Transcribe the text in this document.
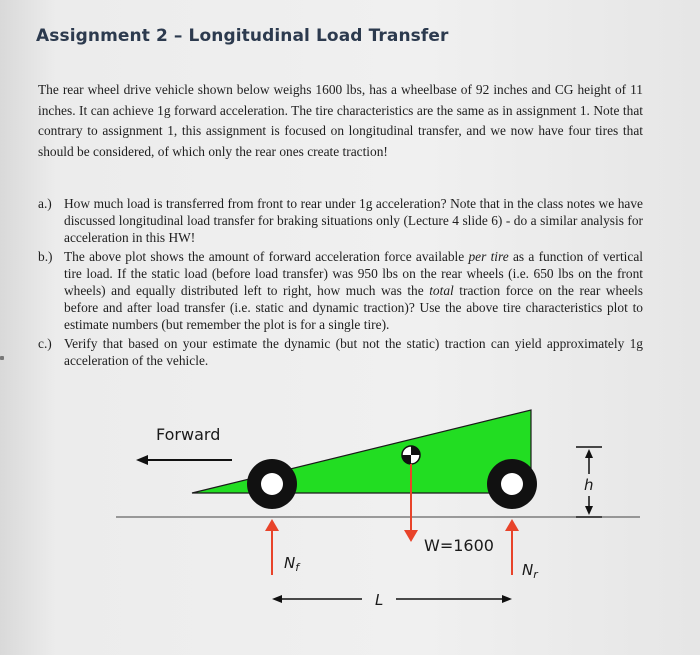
Assignment 2 – Longitudinal Load Transfer

The rear wheel drive vehicle shown below weighs 1600 lbs, has a wheelbase of 92 inches and CG height of 11 inches. It can achieve 1g forward acceleration. The tire characteristics are the same as in assignment 1. Note that contrary to assignment 1, this assignment is focused on longitudinal transfer, and we now have four tires that should be considered, of which only the rear ones create traction!

a.) How much load is transferred from front to rear under 1g acceleration? Note that in the class notes we have discussed longitudinal load transfer for braking situations only (Lecture 4 slide 6) - do a similar analysis for acceleration in this HW!
b.) The above plot shows the amount of forward acceleration force available per tire as a function of vertical tire load. If the static load (before load transfer) was 950 lbs on the rear wheels (i.e. 650 lbs on the front wheels) and equally distributed left to right, how much was the total traction force on the rear wheels before and after load transfer (i.e. static and dynamic traction)? Use the above tire characteristics plot to estimate numbers (but remember the plot is for a single tire).
c.) Verify that based on your estimate the dynamic (but not the static) traction can yield approximately 1g acceleration of the vehicle.
Forward
W=1600
$N_f$	$N_r$
L
h
